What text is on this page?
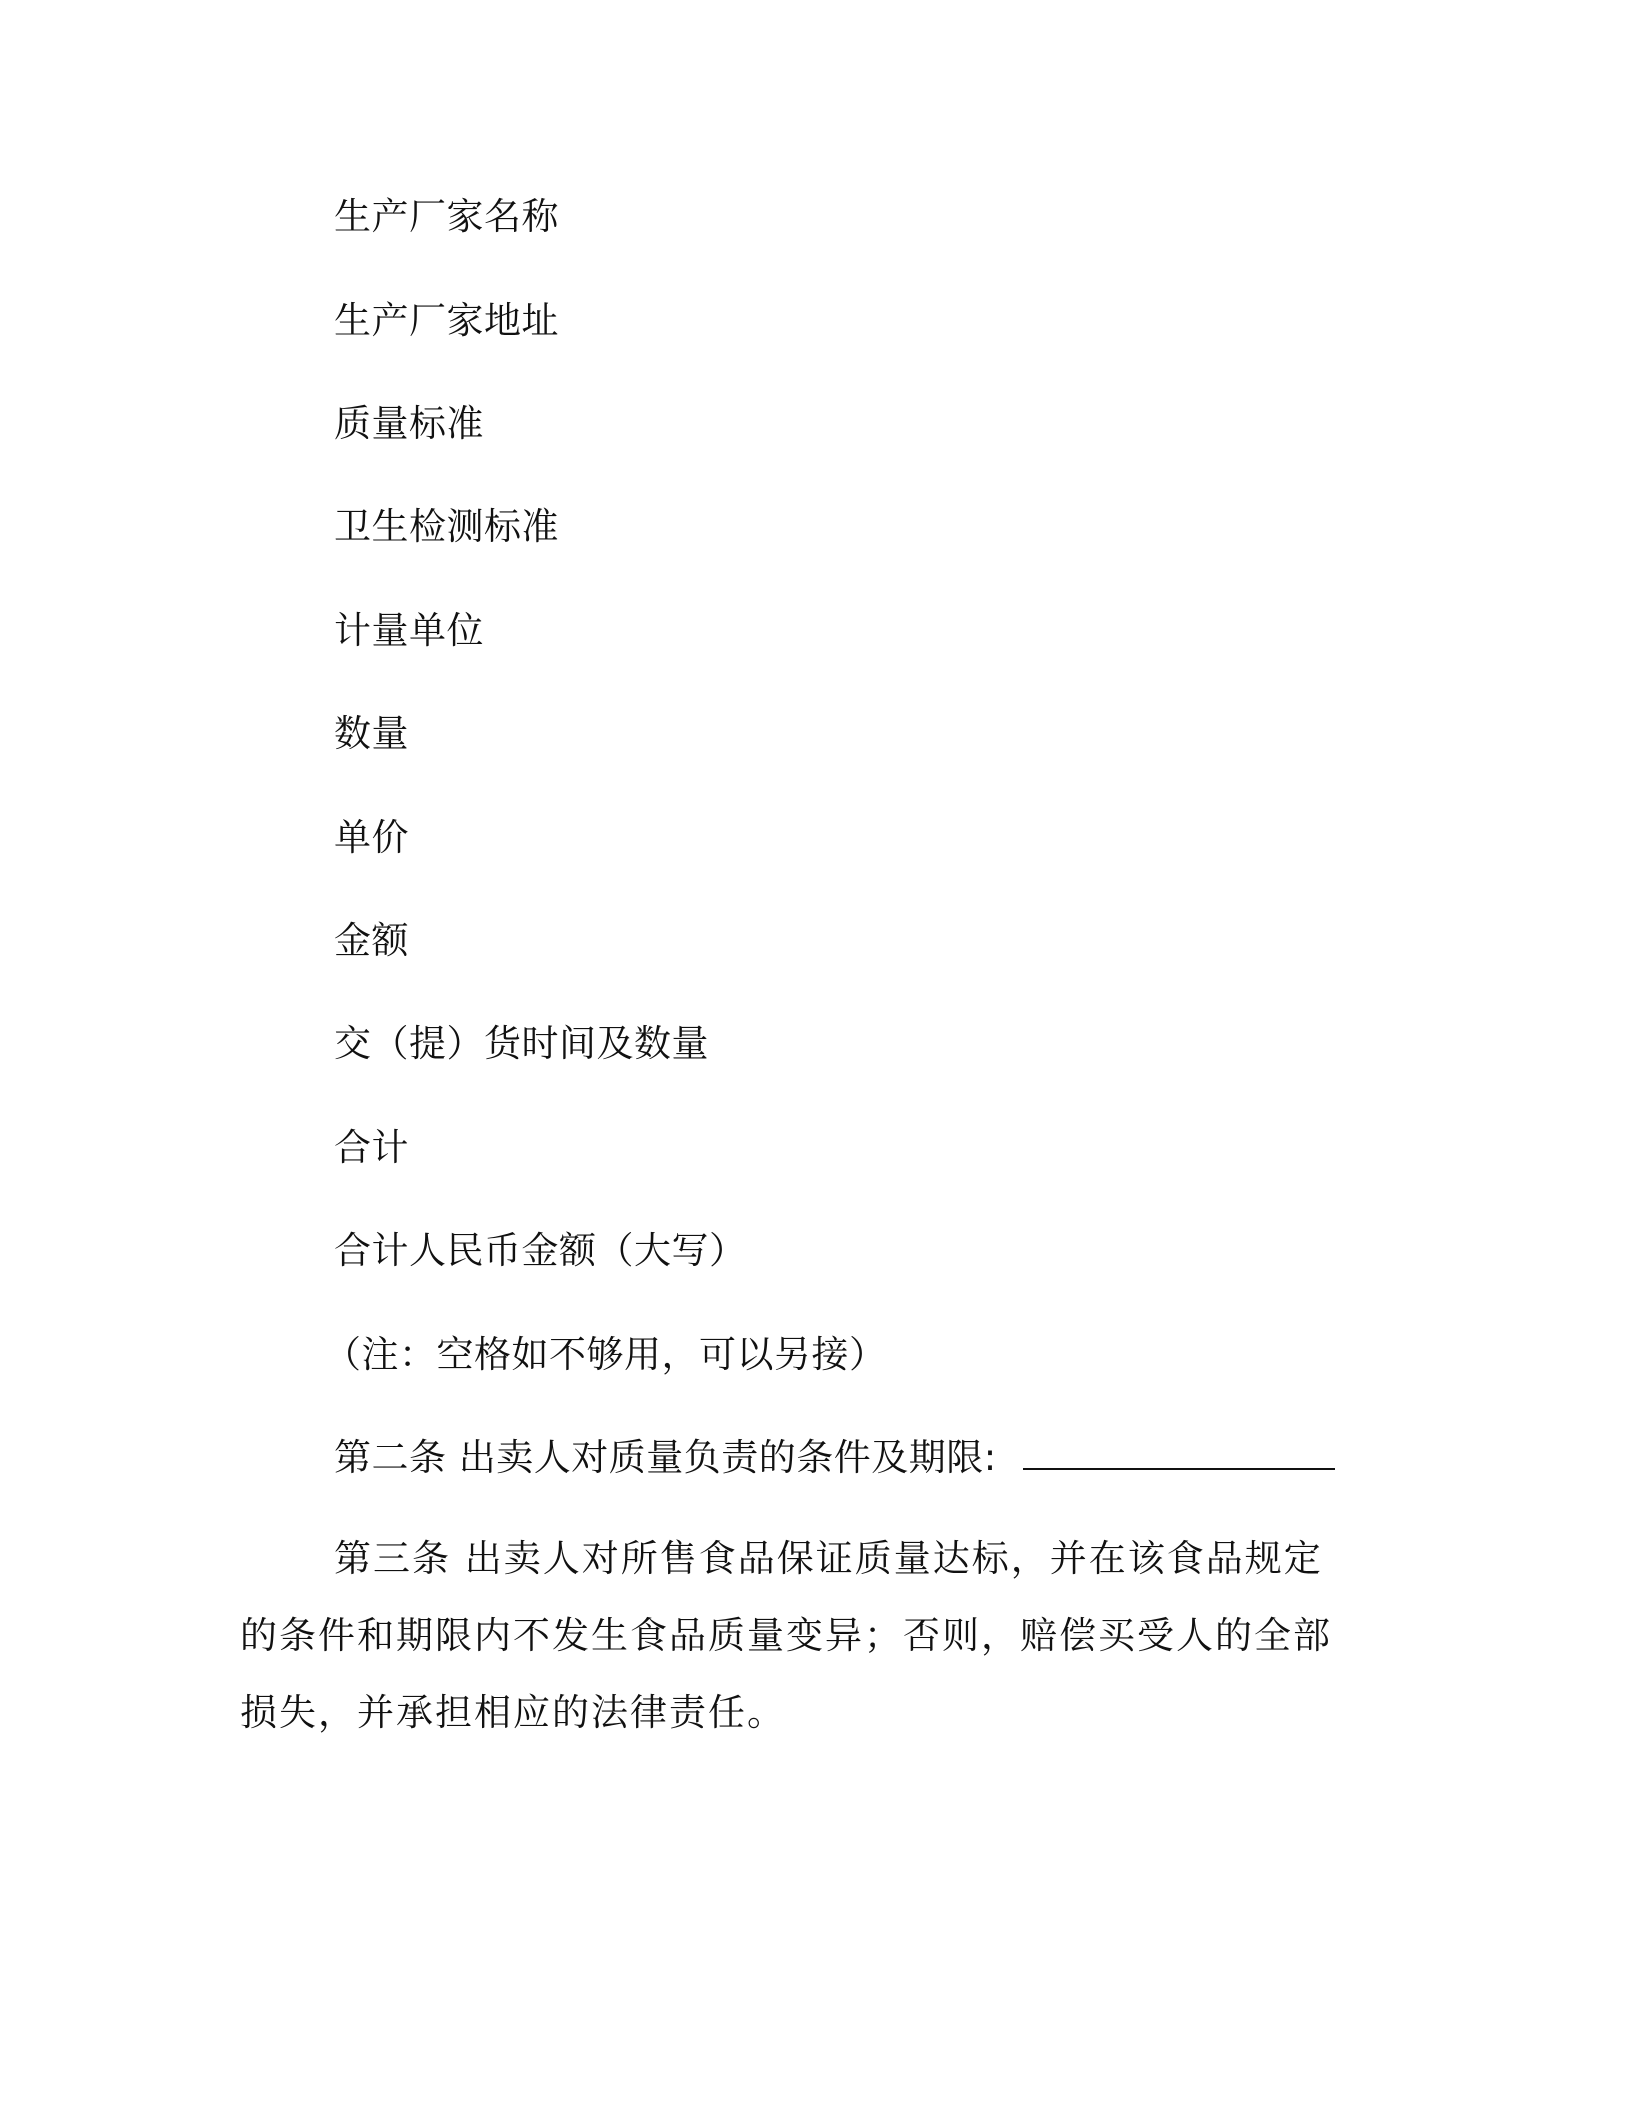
生产厂家名称
生产厂家地址
质量标准
卫生检测标准
计量单位
数量
单价
金额
交（提）货时间及数量
合计
合计人民币金额（大写）
（注：空格如不够用，可以另接）
第二条 出卖人对质量负责的条件及期限:
第三条 出卖人对所售食品保证质量达标，并在该食品规定的条件和期限内不发生食品质量变异；否则，赔偿买受人的全部损失，并承担相应的法律责任。
